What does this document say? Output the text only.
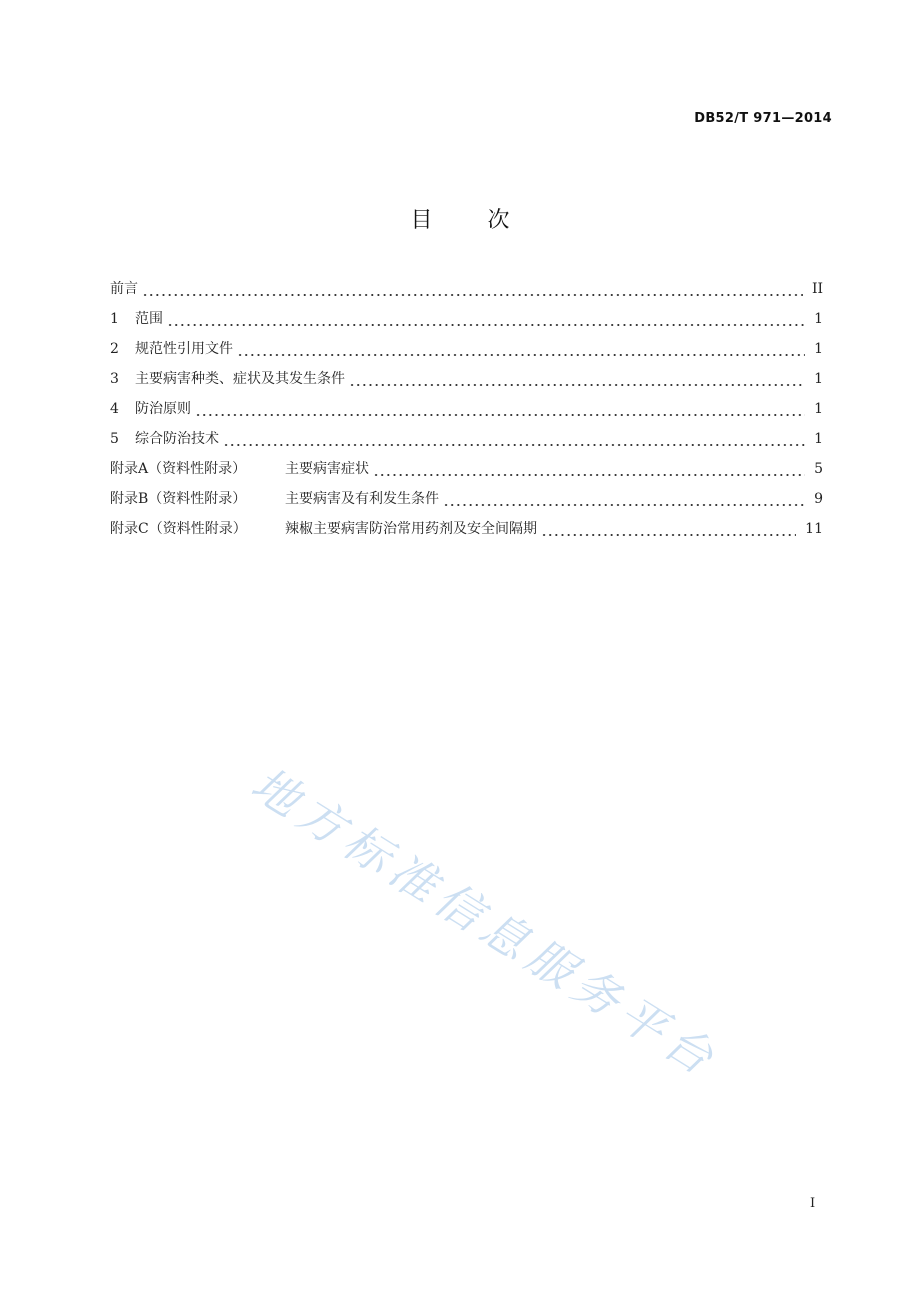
DB52/T 971—2014
目 次
前言	II
1	范围	1
2	规范性引用文件	1
3	主要病害种类、症状及其发生条件	1
4	防治原则	1
5	综合防治技术	1
附录A（资料性附录）	主要病害症状	5
附录B（资料性附录）	主要病害及有利发生条件	9
附录C（资料性附录）	辣椒主要病害防治常用药剂及安全间隔期	11
地方标准信息服务平台
I
